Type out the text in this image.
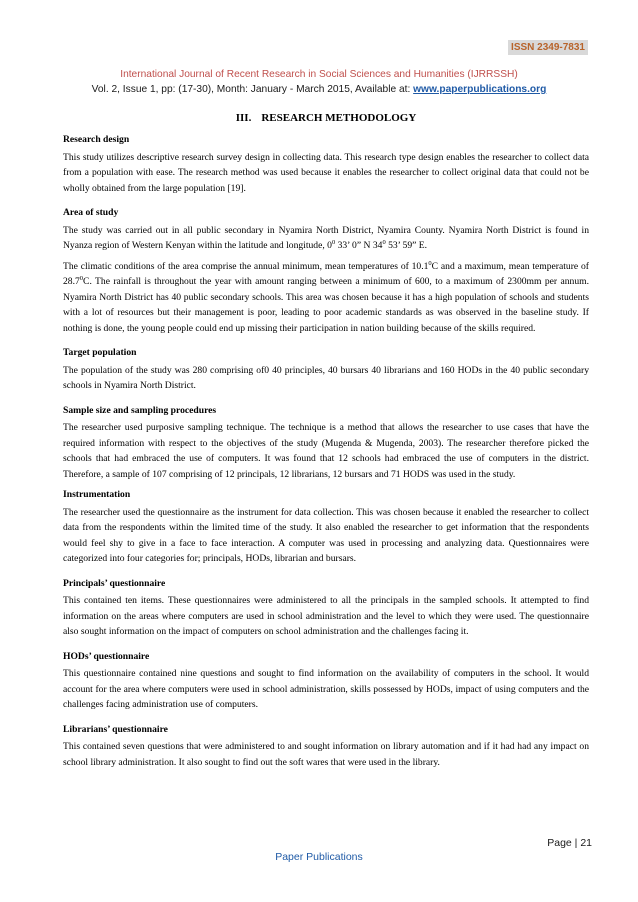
ISSN 2349-7831
International Journal of Recent Research in Social Sciences and Humanities (IJRRSSH)
Vol. 2, Issue 1, pp: (17-30), Month: January - March 2015, Available at: www.paperpublications.org
III. RESEARCH METHODOLOGY
Research design

This study utilizes descriptive research survey design in collecting data. This research type design enables the researcher to collect data from a population with ease. The research method was used because it enables the researcher to collect original data that could not be wholly obtained from the large population [19].

Area of study

The study was carried out in all public secondary in Nyamira North District, Nyamira County. Nyamira North District is found in Nyanza region of Western Kenyan within the latitude and longitude, $0^0$ 33’ 0” N $34^0$ 53’ 59” E.

The climatic conditions of the area comprise the annual minimum, mean temperatures of 10.1$^0$C and a maximum, mean temperature of 28.7$^0$C. The rainfall is throughout the year with amount ranging between a minimum of 600, to a maximum of 2300mm per annum. Nyamira North District has 40 public secondary schools. This area was chosen because it has a high population of schools and students with a lot of resources but their management is poor, leading to poor academic standards as was observed in the baseline study. If nothing is done, the young people could end up missing their participation in nation building because of the skills required.

Target population

The population of the study was 280 comprising of0 40 principles, 40 bursars 40 librarians and 160 HODs in the 40 public secondary schools in Nyamira North District.

Sample size and sampling procedures

The researcher used purposive sampling technique. The technique is a method that allows the researcher to use cases that have the required information with respect to the objectives of the study (Mugenda & Mugenda, 2003). The researcher therefore picked the schools that had embraced the use of computers. It was found that 12 schools had embraced the use of computers in the district. Therefore, a sample of 107 comprising of 12 principals, 12 librarians, 12 bursars and 71 HODS was used in the study.

Instrumentation

The researcher used the questionnaire as the instrument for data collection. This was chosen because it enabled the researcher to collect data from the respondents within the limited time of the study. It also enabled the researcher to get information that the respondents would feel shy to give in a face to face interaction. A computer was used in processing and analyzing data. Questionnaires were categorized into four categories for; principals, HODs, librarian and bursars.

Principals’ questionnaire

This contained ten items. These questionnaires were administered to all the principals in the sampled schools. It attempted to find information on the areas where computers are used in school administration and the level to which they were used. The questionnaire also sought information on the impact of computers on school administration and the challenges facing it.

HODs’ questionnaire

This questionnaire contained nine questions and sought to find information on the availability of computers in the school. It would account for the area where computers were used in school administration, skills possessed by HODs, impact of using computers and the challenges facing administration use of computers.

Librarians’ questionnaire

This contained seven questions that were administered to and sought information on library automation and if it had had any impact on school library administration. It also sought to find out the soft wares that were used in the library.

Page | 21
Paper Publications
